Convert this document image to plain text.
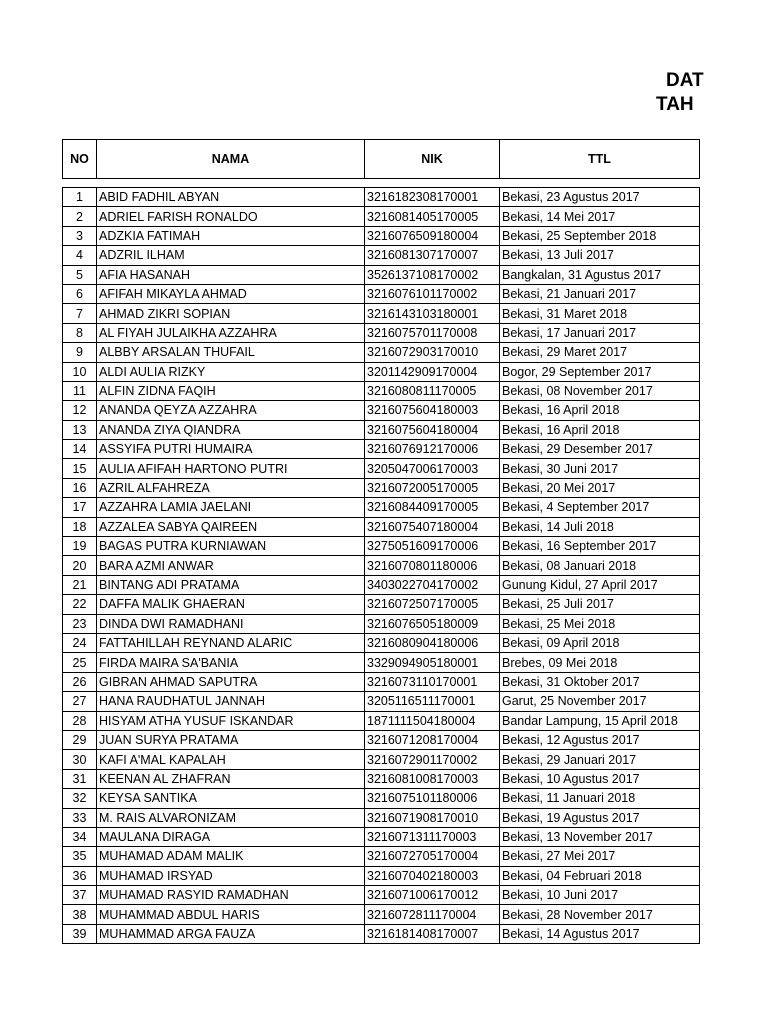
DAT
TAH
NO	NAMA	NIK	TTL
1	ABID FADHIL ABYAN	3216182308170001	Bekasi, 23 Agustus 2017
2	ADRIEL FARISH RONALDO	3216081405170005	Bekasi, 14 Mei 2017
3	ADZKIA FATIMAH	3216076509180004	Bekasi, 25 September 2018
4	ADZRIL ILHAM	3216081307170007	Bekasi, 13 Juli 2017
5	AFIA HASANAH	3526137108170002	Bangkalan, 31 Agustus 2017
6	AFIFAH MIKAYLA AHMAD	3216076101170002	Bekasi, 21 Januari 2017
7	AHMAD ZIKRI SOPIAN	3216143103180001	Bekasi, 31 Maret 2018
8	AL FIYAH JULAIKHA AZZAHRA	3216075701170008	Bekasi, 17 Januari 2017
9	ALBBY ARSALAN THUFAIL	3216072903170010	Bekasi, 29 Maret 2017
10	ALDI AULIA RIZKY	3201142909170004	Bogor, 29 September 2017
11	ALFIN ZIDNA FAQIH	3216080811170005	Bekasi, 08 November 2017
12	ANANDA QEYZA AZZAHRA	3216075604180003	Bekasi, 16 April 2018
13	ANANDA ZIYA QIANDRA	3216075604180004	Bekasi, 16 April 2018
14	ASSYIFA PUTRI HUMAIRA	3216076912170006	Bekasi, 29 Desember 2017
15	AULIA AFIFAH HARTONO PUTRI	3205047006170003	Bekasi, 30 Juni 2017
16	AZRIL ALFAHREZA	3216072005170005	Bekasi, 20 Mei 2017
17	AZZAHRA LAMIA JAELANI	3216084409170005	Bekasi, 4 September 2017
18	AZZALEA SABYA QAIREEN	3216075407180004	Bekasi, 14 Juli 2018
19	BAGAS PUTRA KURNIAWAN	3275051609170006	Bekasi, 16 September 2017
20	BARA AZMI ANWAR	3216070801180006	Bekasi, 08 Januari 2018
21	BINTANG ADI PRATAMA	3403022704170002	Gunung Kidul, 27 April 2017
22	DAFFA MALIK GHAERAN	3216072507170005	Bekasi, 25 Juli 2017
23	DINDA DWI RAMADHANI	3216076505180009	Bekasi, 25 Mei 2018
24	FATTAHILLAH REYNAND ALARIC	3216080904180006	Bekasi, 09 April 2018
25	FIRDA MAIRA SA'BANIA	3329094905180001	Brebes, 09 Mei 2018
26	GIBRAN AHMAD SAPUTRA	3216073110170001	Bekasi, 31 Oktober 2017
27	HANA RAUDHATUL JANNAH	3205116511170001	Garut, 25 November 2017
28	HISYAM ATHA YUSUF ISKANDAR	1871111504180004	Bandar Lampung, 15 April 2018
29	JUAN SURYA PRATAMA	3216071208170004	Bekasi, 12 Agustus 2017
30	KAFI A'MAL KAPALAH	3216072901170002	Bekasi, 29 Januari 2017
31	KEENAN AL ZHAFRAN	3216081008170003	Bekasi, 10 Agustus 2017
32	KEYSA SANTIKA	3216075101180006	Bekasi, 11 Januari 2018
33	M. RAIS ALVARONIZAM	3216071908170010	Bekasi, 19 Agustus 2017
34	MAULANA DIRAGA	3216071311170003	Bekasi, 13 November 2017
35	MUHAMAD ADAM MALIK	3216072705170004	Bekasi, 27 Mei 2017
36	MUHAMAD IRSYAD	3216070402180003	Bekasi, 04 Februari 2018
37	MUHAMAD RASYID RAMADHAN	3216071006170012	Bekasi, 10 Juni 2017
38	MUHAMMAD ABDUL HARIS	3216072811170004	Bekasi, 28 November 2017
39	MUHAMMAD ARGA FAUZA	3216181408170007	Bekasi, 14 Agustus 2017
